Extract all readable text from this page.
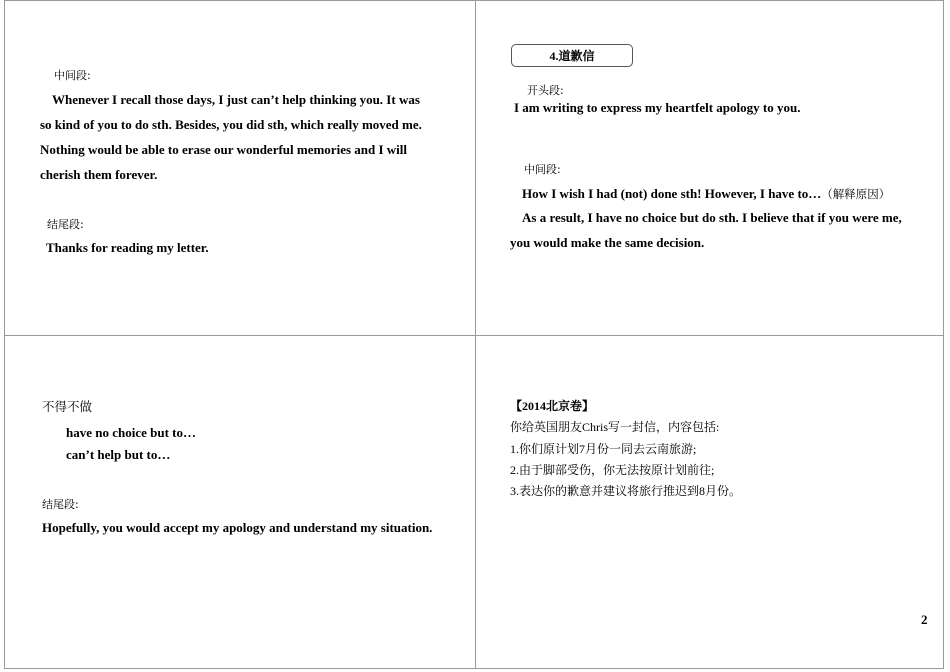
中间段:
Whenever I recall those days, I just can’t help thinking you. It was
so kind of you to do sth. Besides, you did sth, which really moved me.
Nothing would be able to erase our wonderful memories and I will
cherish them forever.
结尾段:
Thanks for reading my letter.
4.道歉信
开头段:
I am writing to express my heartfelt apology to you.
中间段:
How I wish I had (not) done sth! However, I have to…（解释原因）
As a result, I have no choice but do sth. I believe that if you were me,
you would make the same decision.
不得不做
have no choice but to…
can’t help but to…
结尾段:
Hopefully, you would accept my apology and understand my situation.
【2014北京卷】
你给英国朋友Chris写一封信，内容包括:
1.你们原计划7月份一同去云南旅游;
2.由于脚部受伤，你无法按原计划前往;
3.表达你的歉意并建议将旅行推迟到8月份。
2
